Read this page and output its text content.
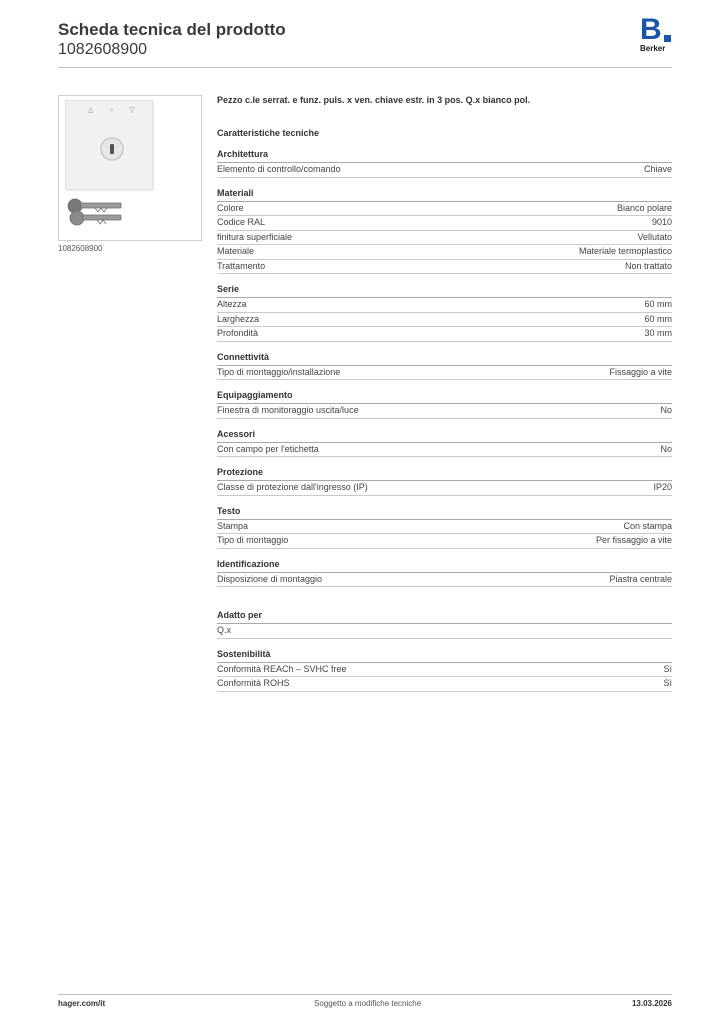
Scheda tecnica del prodotto
1082608900
B
Berker
△ ○ ▽
1082608900
Pezzo c.le serrat. e funz. puls. x ven. chiave estr. in 3 pos. Q.x bianco pol.
Caratteristiche tecniche
Architettura
Elemento di controllo/comando	Chiave
Materiali
Colore	Bianco polare
Codice RAL	9010
finitura superficiale	Vellutato
Materiale	Materiale termoplastico
Trattamento	Non trattato
Serie
Altezza	60 mm
Larghezza	60 mm
Profondità	30 mm
Connettività
Tipo di montaggio/installazione	Fissaggio a vite
Equipaggiamento
Finestra di monitoraggio uscita/luce	No
Acessori
Con campo per l'etichetta	No
Protezione
Classe di protezione dall'ingresso (IP)	IP20
Testo
Stampa	Con stampa
Tipo di montaggio	Per fissaggio a vite
Identificazione
Disposizione di montaggio	Piastra centrale
Adatto per
Q.x
Sostenibilità
Conformità REACh – SVHC free	Sì
Conformità ROHS	Sì
hager.com/it	Soggetto a modifiche tecniche	13.03.2026
